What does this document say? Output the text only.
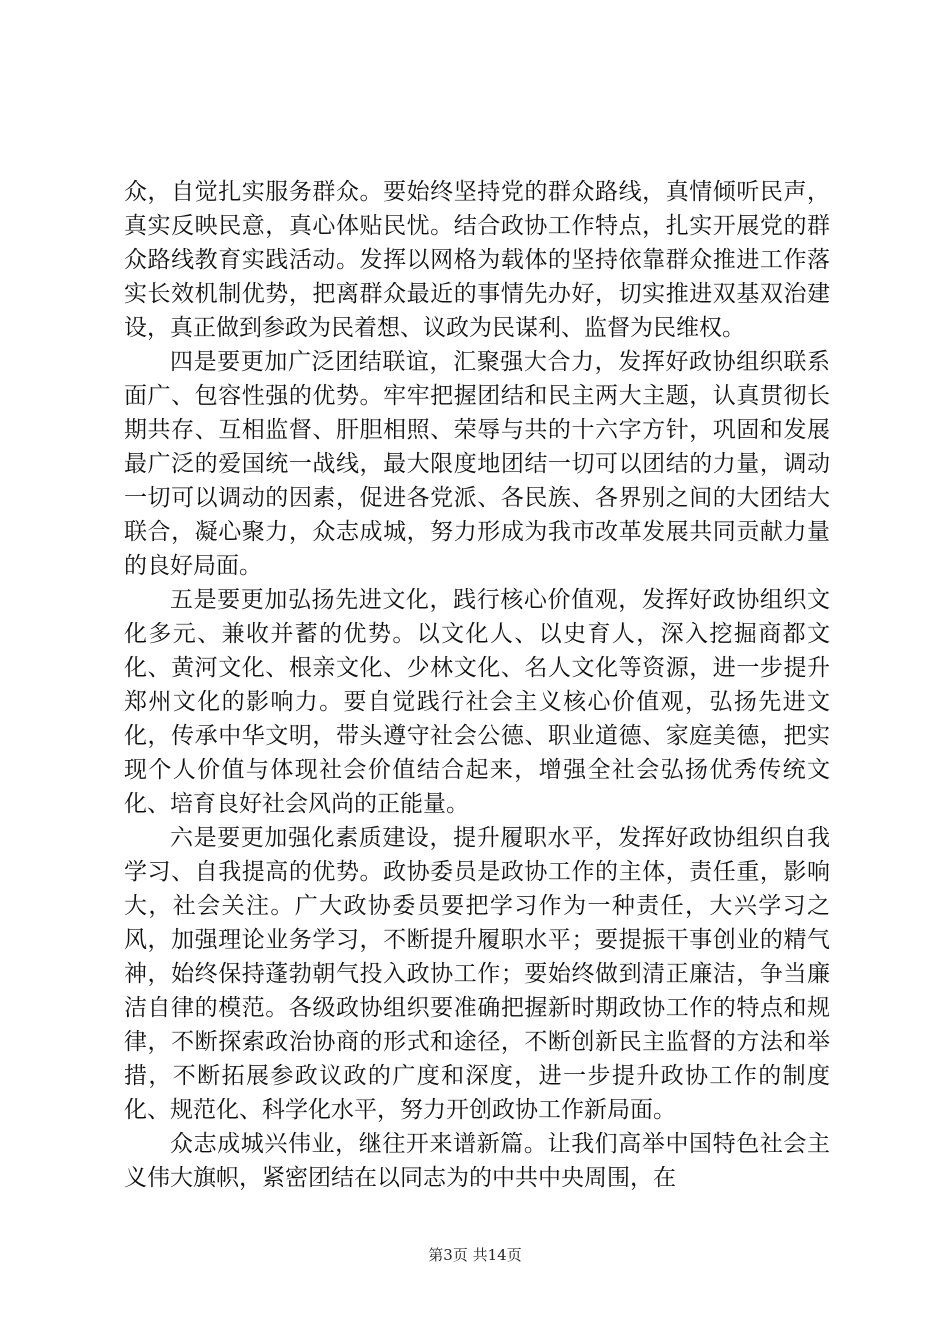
众，自觉扎实服务群众。要始终坚持党的群众路线，真情倾听民声，真实反映民意，真心体贴民忧。结合政协工作特点，扎实开展党的群众路线教育实践活动。发挥以网格为载体的坚持依靠群众推进工作落实长效机制优势，把离群众最近的事情先办好，切实推进双基双治建设，真正做到参政为民着想、议政为民谋利、监督为民维权。

四是要更加广泛团结联谊，汇聚强大合力，发挥好政协组织联系面广、包容性强的优势。牢牢把握团结和民主两大主题，认真贯彻长期共存、互相监督、肝胆相照、荣辱与共的十六字方针，巩固和发展最广泛的爱国统一战线，最大限度地团结一切可以团结的力量，调动一切可以调动的因素，促进各党派、各民族、各界别之间的大团结大联合，凝心聚力，众志成城，努力形成为我市改革发展共同贡献力量的良好局面。

五是要更加弘扬先进文化，践行核心价值观，发挥好政协组织文化多元、兼收并蓄的优势。以文化人、以史育人，深入挖掘商都文化、黄河文化、根亲文化、少林文化、名人文化等资源，进一步提升郑州文化的影响力。要自觉践行社会主义核心价值观，弘扬先进文化，传承中华文明，带头遵守社会公德、职业道德、家庭美德，把实现个人价值与体现社会价值结合起来，增强全社会弘扬优秀传统文化、培育良好社会风尚的正能量。

六是要更加强化素质建设，提升履职水平，发挥好政协组织自我学习、自我提高的优势。政协委员是政协工作的主体，责任重，影响大，社会关注。广大政协委员要把学习作为一种责任，大兴学习之风，加强理论业务学习，不断提升履职水平；要提振干事创业的精气神，始终保持蓬勃朝气投入政协工作；要始终做到清正廉洁，争当廉洁自律的模范。各级政协组织要准确把握新时期政协工作的特点和规律，不断探索政治协商的形式和途径，不断创新民主监督的方法和举措，不断拓展参政议政的广度和深度，进一步提升政协工作的制度化、规范化、科学化水平，努力开创政协工作新局面。

众志成城兴伟业，继往开来谱新篇。让我们高举中国特色社会主义伟大旗帜，紧密团结在以同志为的中共中央周围，在

第3页 共14页
